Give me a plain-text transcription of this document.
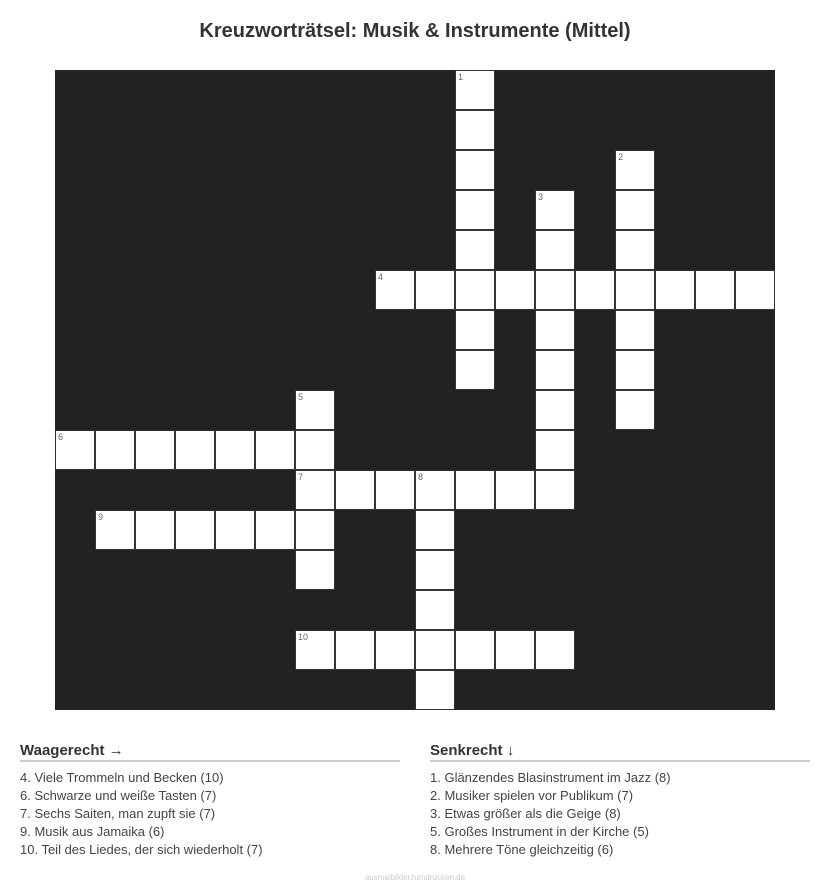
Kreuzworträtsel: Musik & Instrumente (Mittel)
1
2
3
4
5
7
6
8
9
10
Waagerecht →
4. Viele Trommeln und Becken (10)
6. Schwarze und weiße Tasten (7)
7. Sechs Saiten, man zupft sie (7)
9. Musik aus Jamaika (6)
10. Teil des Liedes, der sich wiederholt (7)
Senkrecht ↓
1. Glänzendes Blasinstrument im Jazz (8)
2. Musiker spielen vor Publikum (7)
3. Etwas größer als die Geige (8)
5. Großes Instrument in der Kirche (5)
8. Mehrere Töne gleichzeitig (6)
ausmalbilderzumdrucken.de
